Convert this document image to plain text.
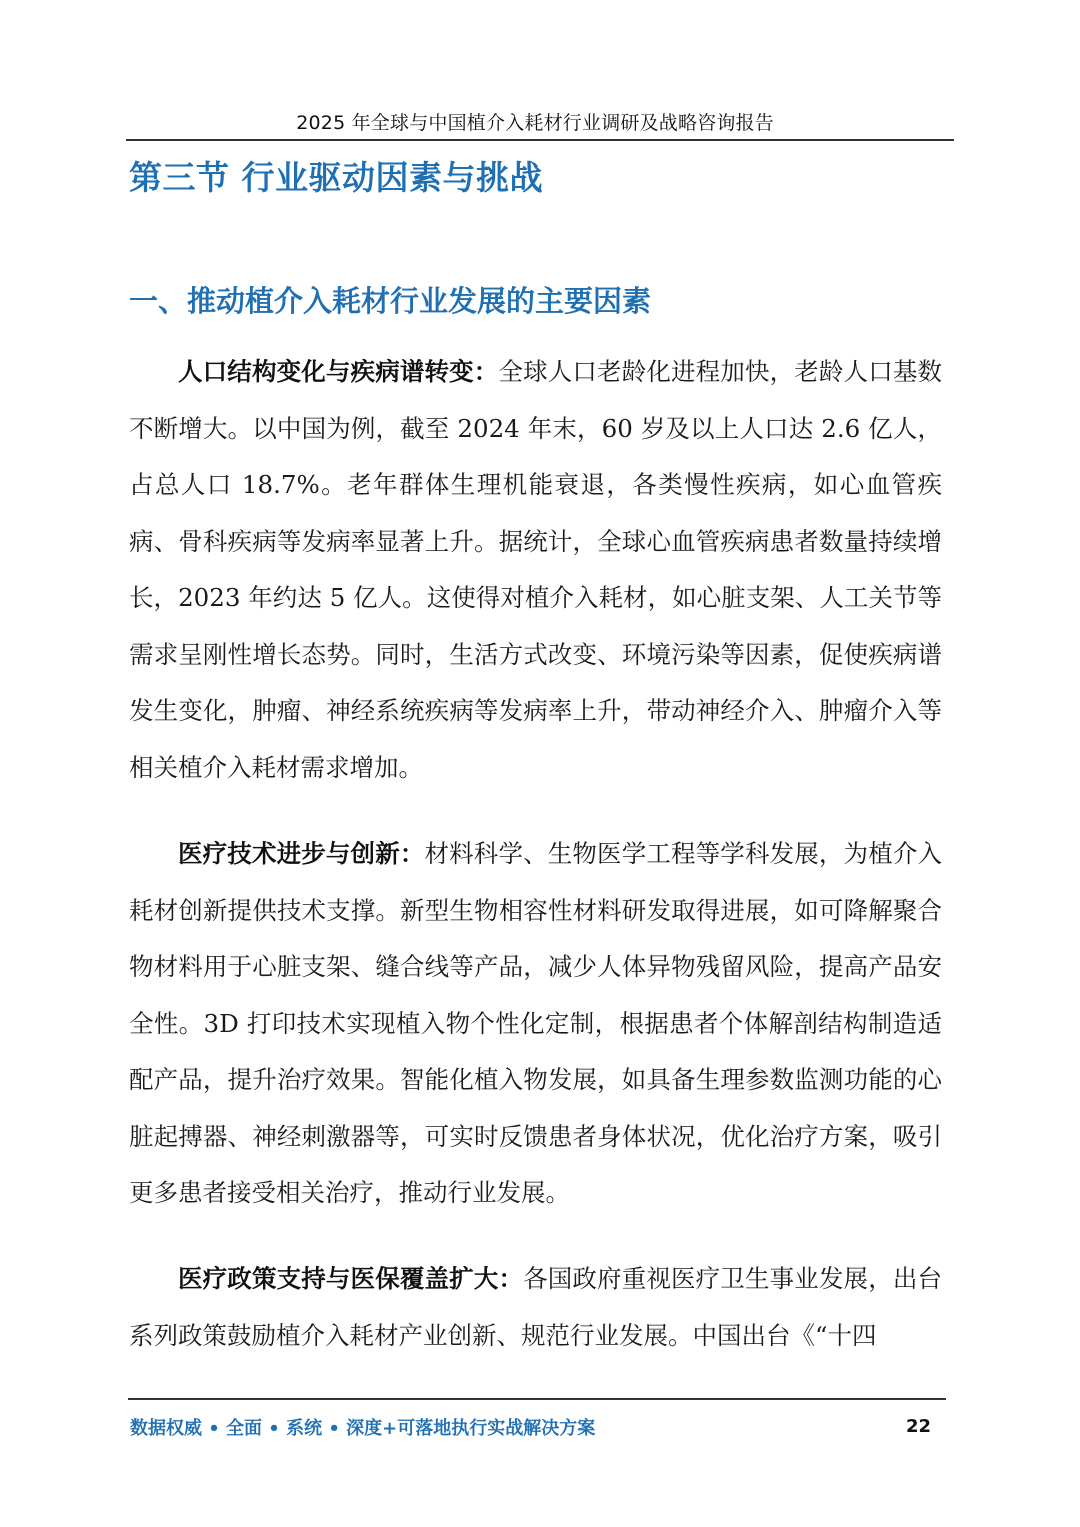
2025 年全球与中国植介入耗材行业调研及战略咨询报告
第三节 行业驱动因素与挑战
一、推动植介入耗材行业发展的主要因素

人口结构变化与疾病谱转变：全球人口老龄化进程加快，老龄人口基数不断增大。以中国为例，截至 2024 年末，60 岁及以上人口达 2.6 亿人，占总人口 18.7%。老年群体生理机能衰退，各类慢性疾病，如心血管疾病、骨科疾病等发病率显著上升。据统计，全球心血管疾病患者数量持续增长，2023 年约达 5 亿人。这使得对植介入耗材，如心脏支架、人工关节等需求呈刚性增长态势。同时，生活方式改变、环境污染等因素，促使疾病谱发生变化，肿瘤、神经系统疾病等发病率上升，带动神经介入、肿瘤介入等相关植介入耗材需求增加。

医疗技术进步与创新：材料科学、生物医学工程等学科发展，为植介入耗材创新提供技术支撑。新型生物相容性材料研发取得进展，如可降解聚合物材料用于心脏支架、缝合线等产品，减少人体异物残留风险，提高产品安全性。3D 打印技术实现植入物个性化定制，根据患者个体解剖结构制造适配产品，提升治疗效果。智能化植入物发展，如具备生理参数监测功能的心脏起搏器、神经刺激器等，可实时反馈患者身体状况，优化治疗方案，吸引更多患者接受相关治疗，推动行业发展。

医疗政策支持与医保覆盖扩大：各国政府重视医疗卫生事业发展，出台系列政策鼓励植介入耗材产业创新、规范行业发展。中国出台《“十四

数据权威 • 全面 • 系统 • 深度+可落地执行实战解决方案	22
